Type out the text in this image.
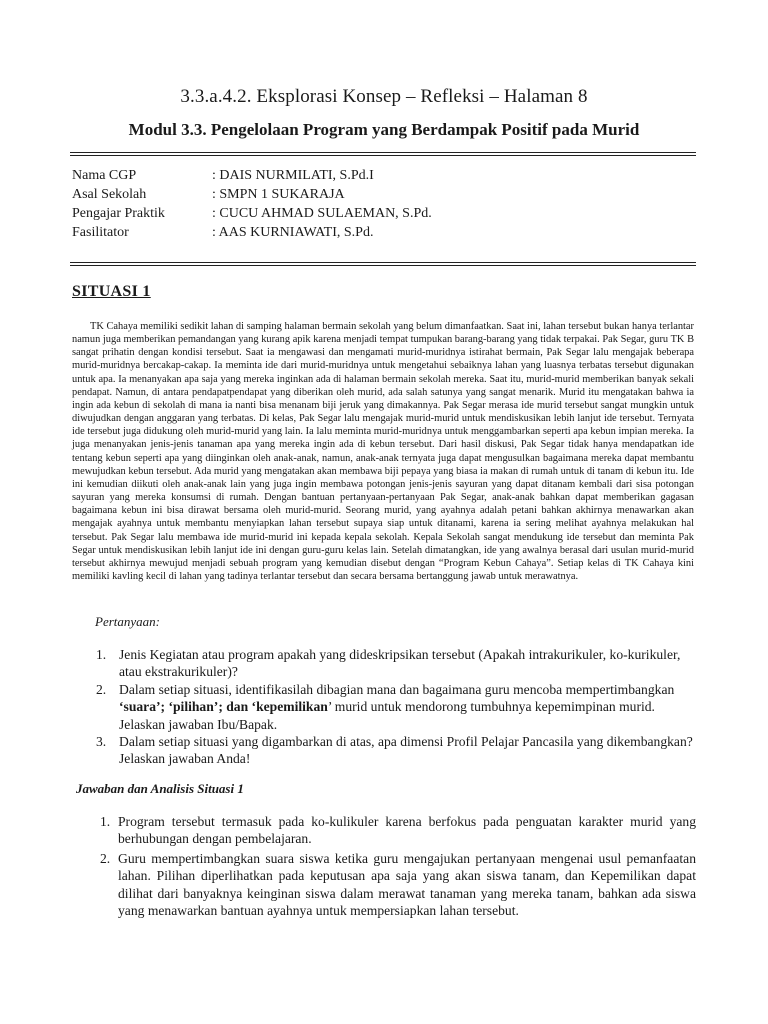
3.3.a.4.2. Eksplorasi Konsep – Refleksi – Halaman 8
Modul 3.3. Pengelolaan Program yang Berdampak Positif pada Murid
Nama CGP	: DAIS NURMILATI, S.Pd.I
Asal Sekolah	: SMPN 1 SUKARAJA
Pengajar Praktik	: CUCU AHMAD SULAEMAN, S.Pd.
Fasilitator	: AAS KURNIAWATI, S.Pd.
SITUASI 1

TK Cahaya memiliki sedikit lahan di samping halaman bermain sekolah yang belum dimanfaatkan. Saat ini, lahan tersebut bukan hanya terlantar namun juga memberikan pemandangan yang kurang apik karena menjadi tempat tumpukan barang-barang yang tidak terpakai. Pak Segar, guru TK B sangat prihatin dengan kondisi tersebut. Saat ia mengawasi dan mengamati murid-muridnya istirahat bermain, Pak Segar lalu mengajak beberapa murid-muridnya bercakap-cakap. Ia meminta ide dari murid-muridnya untuk mengetahui sebaiknya lahan yang luasnya terbatas tersebut digunakan untuk apa. Ia menanyakan apa saja yang mereka inginkan ada di halaman bermain sekolah mereka. Saat itu, murid-murid memberikan banyak sekali pendapat. Namun, di antara pendapatpendapat yang diberikan oleh murid, ada salah satunya yang sangat menarik. Murid itu mengatakan bahwa ia ingin ada kebun di sekolah di mana ia nanti bisa menanam biji jeruk yang dimakannya. Pak Segar merasa ide murid tersebut sangat mungkin untuk diwujudkan dengan anggaran yang terbatas. Di kelas, Pak Segar lalu mengajak murid-murid untuk mendiskusikan lebih lanjut ide tersebut. Ternyata ide tersebut juga didukung oleh murid-murid yang lain. Ia lalu meminta murid-muridnya untuk menggambarkan seperti apa kebun impian mereka. Ia juga menanyakan jenis-jenis tanaman apa yang mereka ingin ada di kebun tersebut. Dari hasil diskusi, Pak Segar tidak hanya mendapatkan ide tentang kebun seperti apa yang diinginkan oleh anak-anak, namun, anak-anak ternyata juga dapat mengusulkan bagaimana mereka dapat membantu mewujudkan kebun tersebut. Ada murid yang mengatakan akan membawa biji pepaya yang biasa ia makan di rumah untuk di tanam di kebun itu. Ide ini kemudian diikuti oleh anak-anak lain yang juga ingin membawa potongan jenis-jenis sayuran yang dapat ditanam kembali dari sisa potongan sayuran yang mereka konsumsi di rumah. Dengan bantuan pertanyaan-pertanyaan Pak Segar, anak-anak bahkan dapat memberikan gagasan bagaimana kebun ini bisa dirawat bersama oleh murid-murid. Seorang murid, yang ayahnya adalah petani bahkan akhirnya menawarkan akan mengajak ayahnya untuk membantu menyiapkan lahan tersebut supaya siap untuk ditanami, karena ia sering melihat ayahnya melakukan hal tersebut. Pak Segar lalu membawa ide murid-murid ini kepada kepala sekolah. Kepala Sekolah sangat mendukung ide tersebut dan meminta Pak Segar untuk mendiskusikan lebih lanjut ide ini dengan guru-guru kelas lain. Setelah dimatangkan, ide yang awalnya berasal dari usulan murid-murid tersebut akhirnya mewujud menjadi sebuah program yang kemudian disebut dengan “Program Kebun Cahaya”. Setiap kelas di TK Cahaya kini memiliki kavling kecil di lahan yang tadinya terlantar tersebut dan secara bersama bertanggung jawab untuk merawatnya.

Pertanyaan:
1. Jenis Kegiatan atau program apakah yang dideskripsikan tersebut (Apakah intrakurikuler, ko-kurikuler, atau ekstrakurikuler)?
2. Dalam setiap situasi, identifikasilah dibagian mana dan bagaimana guru mencoba mempertimbangkan ‘suara’; ‘pilihan’; dan ‘kepemilikan’ murid untuk mendorong tumbuhnya kepemimpinan murid. Jelaskan jawaban Ibu/Bapak.
3. Dalam setiap situasi yang digambarkan di atas, apa dimensi Profil Pelajar Pancasila yang dikembangkan? Jelaskan jawaban Anda!
Jawaban dan Analisis Situasi 1
1. Program tersebut termasuk pada ko-kulikuler karena berfokus pada penguatan karakter murid yang berhubungan dengan pembelajaran.
2. Guru mempertimbangkan suara siswa ketika guru mengajukan pertanyaan mengenai usul pemanfaatan lahan. Pilihan diperlihatkan pada keputusan apa saja yang akan siswa tanam, dan Kepemilikan dapat dilihat dari banyaknya keinginan siswa dalam merawat tanaman yang mereka tanam, bahkan ada siswa yang menawarkan bantuan ayahnya untuk mempersiapkan lahan tersebut.
